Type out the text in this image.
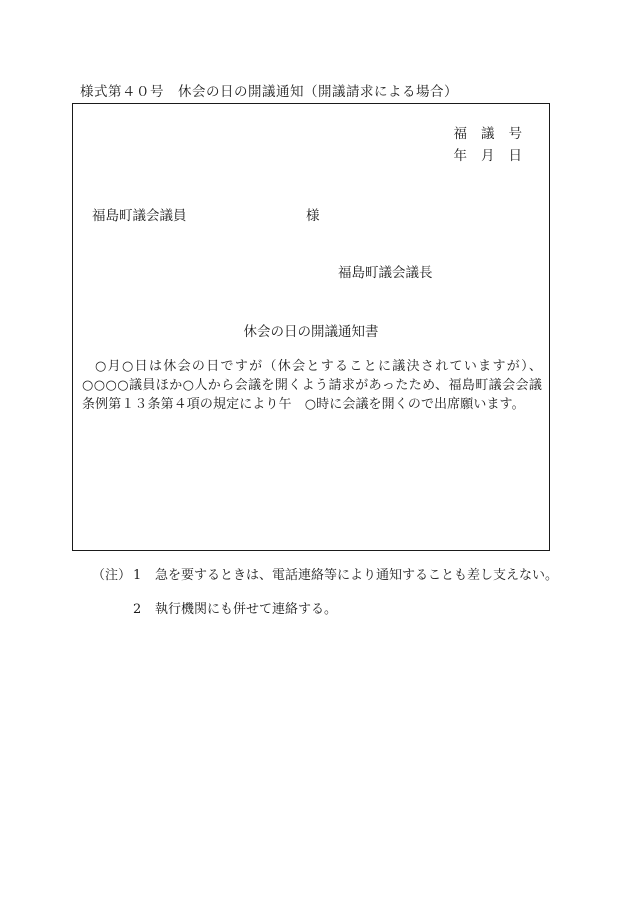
様式第４０号　休会の日の開議通知（開議請求による場合）
福 議 号
年 月 日
福島町議会議員	様
福島町議会議長
休会の日の開議通知書
○月○日は休会の日ですが（休会とすることに議決されていますが）、○○○○議員ほか○人から会議を開くよう請求があったため、福島町議会会議条例第１３条第４項の規定により午　○時に会議を開くので出席願います。
（注） 1 急を要するときは、電話連絡等により通知することも差し支えない。
2 執行機関にも併せて連絡する。
